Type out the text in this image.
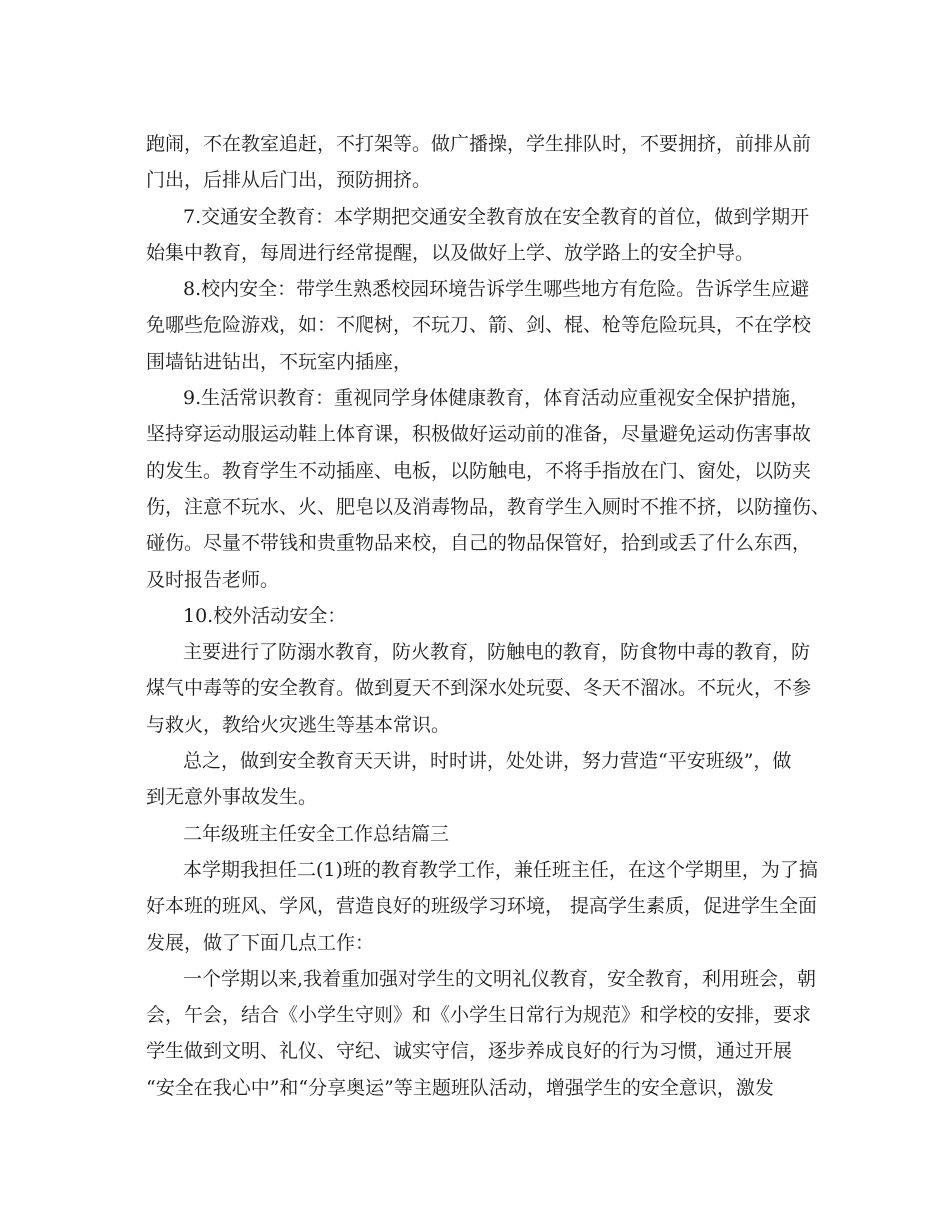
跑闹，不在教室追赶，不打架等。做广播操，学生排队时，不要拥挤，前排从前
门出，后排从后门出，预防拥挤。
7.交通安全教育：本学期把交通安全教育放在安全教育的首位，做到学期开
始集中教育，每周进行经常提醒，以及做好上学、放学路上的安全护导。
8.校内安全：带学生熟悉校园环境告诉学生哪些地方有危险。告诉学生应避
免哪些危险游戏，如：不爬树，不玩刀、箭、剑、棍、枪等危险玩具，不在学校
围墙钻进钻出，不玩室内插座，
9.生活常识教育：重视同学身体健康教育，体育活动应重视安全保护措施，
坚持穿运动服运动鞋上体育课，积极做好运动前的准备，尽量避免运动伤害事故
的发生。教育学生不动插座、电板，以防触电，不将手指放在门、窗处，以防夹
伤，注意不玩水、火、肥皂以及消毒物品，教育学生入厕时不推不挤，以防撞伤、
碰伤。尽量不带钱和贵重物品来校，自己的物品保管好，拾到或丢了什么东西，
及时报告老师。
10.校外活动安全：
主要进行了防溺水教育，防火教育，防触电的教育，防食物中毒的教育，防
煤气中毒等的安全教育。做到夏天不到深水处玩耍、冬天不溜冰。不玩火，不参
与救火，教给火灾逃生等基本常识。
总之，做到安全教育天天讲，时时讲，处处讲，努力营造“平安班级”，做
到无意外事故发生。
二年级班主任安全工作总结篇三
本学期我担任二(1)班的教育教学工作，兼任班主任，在这个学期里，为了搞
好本班的班风、学风，营造良好的班级学习环境， 提高学生素质，促进学生全面
发展，做了下面几点工作：
一个学期以来,我着重加强对学生的文明礼仪教育，安全教育，利用班会，朝
会，午会，结合《小学生守则》和《小学生日常行为规范》和学校的安排，要求
学生做到文明、礼仪、守纪、诚实守信，逐步养成良好的行为习惯，通过开展
“安全在我心中”和“分享奥运”等主题班队活动，增强学生的安全意识，激发
